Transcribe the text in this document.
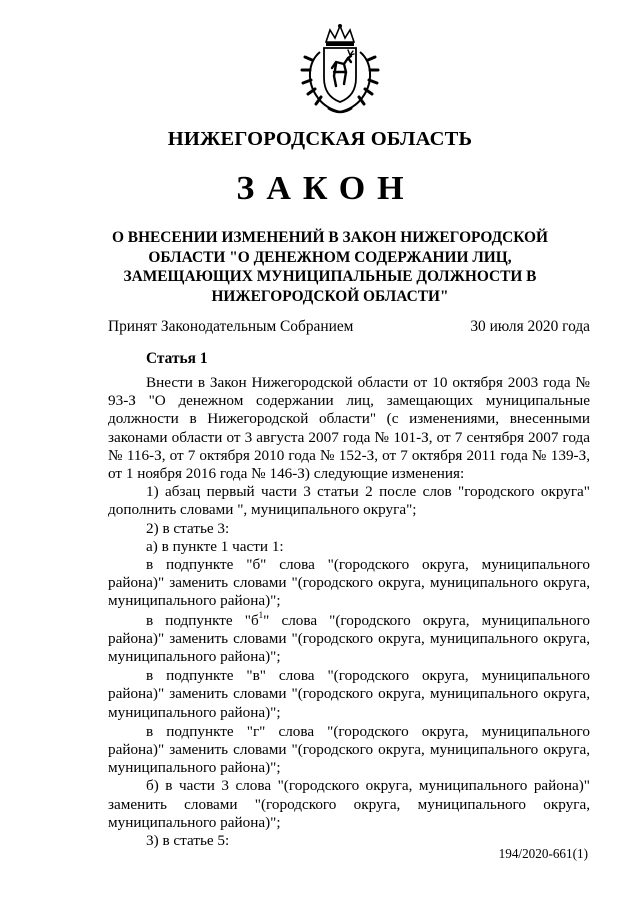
НИЖЕГОРОДСКАЯ ОБЛАСТЬ
ЗАКОН
О ВНЕСЕНИИ ИЗМЕНЕНИЙ В ЗАКОН НИЖЕГОРОДСКОЙ ОБЛАСТИ "О ДЕНЕЖНОМ СОДЕРЖАНИИ ЛИЦ, ЗАМЕЩАЮЩИХ МУНИЦИПАЛЬНЫЕ ДОЛЖНОСТИ В НИЖЕГОРОДСКОЙ ОБЛАСТИ"
Принят Законодательным Собранием	30 июля 2020 года
Статья 1

Внести в Закон Нижегородской области от 10 октября 2003 года № 93-З "О денежном содержании лиц, замещающих муниципальные должности в Нижегородской области" (с изменениями, внесенными законами области от 3 августа 2007 года № 101-З, от 7 сентября 2007 года № 116-З, от 7 октября 2010 года № 152-З, от 7 октября 2011 года № 139-З, от 1 ноября 2016 года № 146-З) следующие изменения:

1) абзац первый части 3 статьи 2 после слов "городского округа" дополнить словами ", муниципального округа";

2) в статье 3:

а) в пункте 1 части 1:

в подпункте "б" слова "(городского округа, муниципального района)" заменить словами "(городского округа, муниципального округа, муниципального района)";

в подпункте "$б^1$" слова "(городского округа, муниципального района)" заменить словами "(городского округа, муниципального округа, муниципального района)";

в подпункте "в" слова "(городского округа, муниципального района)" заменить словами "(городского округа, муниципального округа, муниципального района)";

в подпункте "г" слова "(городского округа, муниципального района)" заменить словами "(городского округа, муниципального округа, муниципального района)";

б) в части 3 слова "(городского округа, муниципального района)" заменить словами "(городского округа, муниципального округа, муниципального района)";

3) в статье 5:

194/2020-661(1)
